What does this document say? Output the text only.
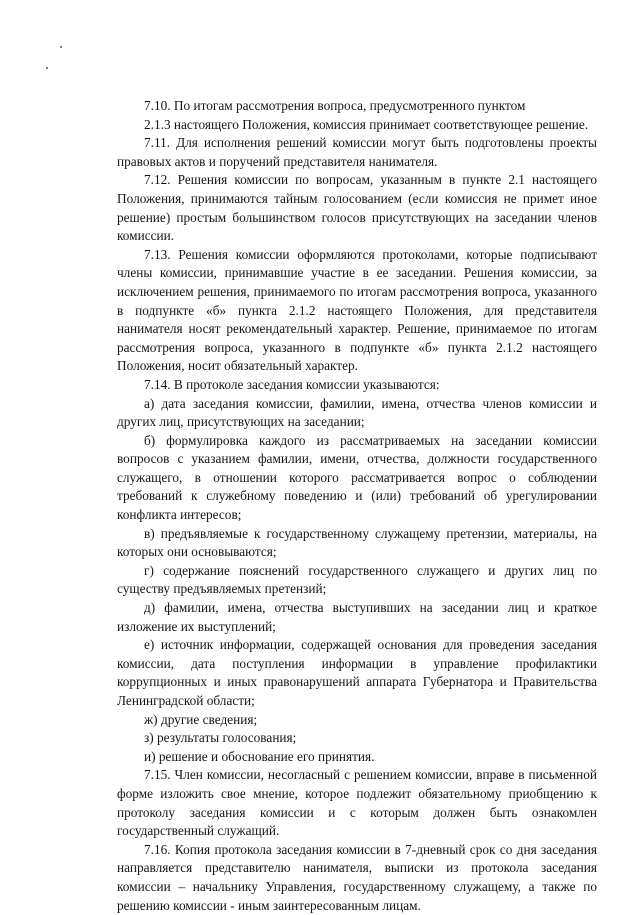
7.10. По итогам рассмотрения вопроса, предусмотренного пунктом

2.1.3 настоящего Положения, комиссия принимает соответствующее решение.

7.11. Для исполнения решений комиссии могут быть подготовлены проекты правовых актов и поручений представителя нанимателя.

7.12. Решения комиссии по вопросам, указанным в пункте 2.1 настоящего Положения, принимаются тайным голосованием (если комиссия не примет иное решение) простым большинством голосов присутствующих на заседании членов комиссии.

7.13. Решения комиссии оформляются протоколами, которые подписывают члены комиссии, принимавшие участие в ее заседании. Решения комиссии, за исключением решения, принимаемого по итогам рассмотрения вопроса, указанного в подпункте «б» пункта 2.1.2 настоящего Положения, для представителя нанимателя носят рекомендательный характер. Решение, принимаемое по итогам рассмотрения вопроса, указанного в подпункте «б» пункта 2.1.2 настоящего Положения, носит обязательный характер.

7.14. В протоколе заседания комиссии указываются:

а) дата заседания комиссии, фамилии, имена, отчества членов комиссии и других лиц, присутствующих на заседании;

б) формулировка каждого из рассматриваемых на заседании комиссии вопросов с указанием фамилии, имени, отчества, должности государственного служащего, в отношении которого рассматривается вопрос о соблюдении требований к служебному поведению и (или) требований об урегулировании конфликта интересов;

в) предъявляемые к государственному служащему претензии, материалы, на которых они основываются;

г) содержание пояснений государственного служащего и других лиц по существу предъявляемых претензий;

д) фамилии, имена, отчества выступивших на заседании лиц и краткое изложение их выступлений;

е) источник информации, содержащей основания для проведения заседания комиссии, дата поступления информации в управление профилактики коррупционных и иных правонарушений аппарата Губернатора и Правительства Ленинградской области;

ж) другие сведения;

з) результаты голосования;

и) решение и обоснование его принятия.

7.15. Член комиссии, несогласный с решением комиссии, вправе в письменной форме изложить свое мнение, которое подлежит обязательному приобщению к протоколу заседания комиссии и с которым должен быть ознакомлен государственный служащий.

7.16. Копия протокола заседания комиссии в 7-дневный срок со дня заседания направляется представителю нанимателя, выписки из протокола заседания комиссии – начальнику Управления, государственному служащему, а также по решению комиссии - иным заинтересованным лицам.
